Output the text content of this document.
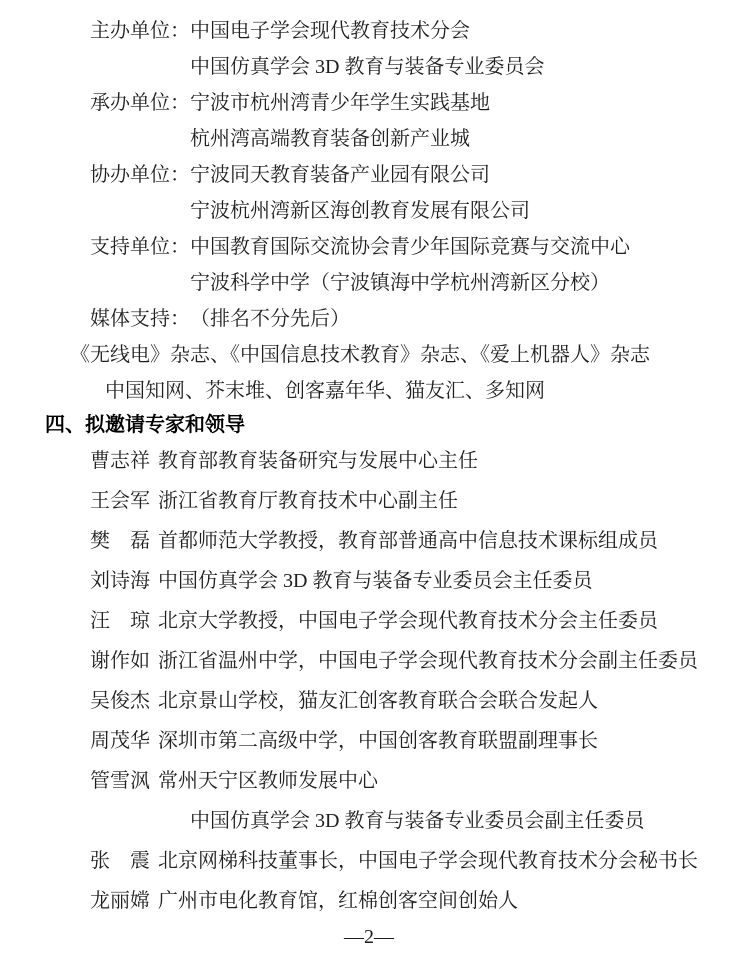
主办单位： 中国电子学会现代教育技术分会
中国仿真学会 3D 教育与装备专业委员会
承办单位： 宁波市杭州湾青少年学生实践基地
杭州湾高端教育装备创新产业城
协办单位： 宁波同天教育装备产业园有限公司
宁波杭州湾新区海创教育发展有限公司
支持单位： 中国教育国际交流协会青少年国际竞赛与交流中心
宁波科学中学（宁波镇海中学杭州湾新区分校）
媒体支持： （排名不分先后）
《无线电》杂志、《中国信息技术教育》杂志、《爱上机器人》杂志
中国知网、芥末堆、创客嘉年华、猫友汇、多知网
四、拟邀请专家和领导
曹志祥 教育部教育装备研究与发展中心主任
王会军 浙江省教育厅教育技术中心副主任
樊　磊 首都师范大学教授，教育部普通高中信息技术课标组成员
刘诗海 中国仿真学会 3D 教育与装备专业委员会主任委员
汪　琼 北京大学教授，中国电子学会现代教育技术分会主任委员
谢作如 浙江省温州中学，中国电子学会现代教育技术分会副主任委员
吴俊杰 北京景山学校，猫友汇创客教育联合会联合发起人
周茂华 深圳市第二高级中学，中国创客教育联盟副理事长
管雪沨 常州天宁区教师发展中心
中国仿真学会 3D 教育与装备专业委员会副主任委员
张　震 北京网梯科技董事长，中国电子学会现代教育技术分会秘书长
龙丽嫦 广州市电化教育馆，红棉创客空间创始人
—2—
